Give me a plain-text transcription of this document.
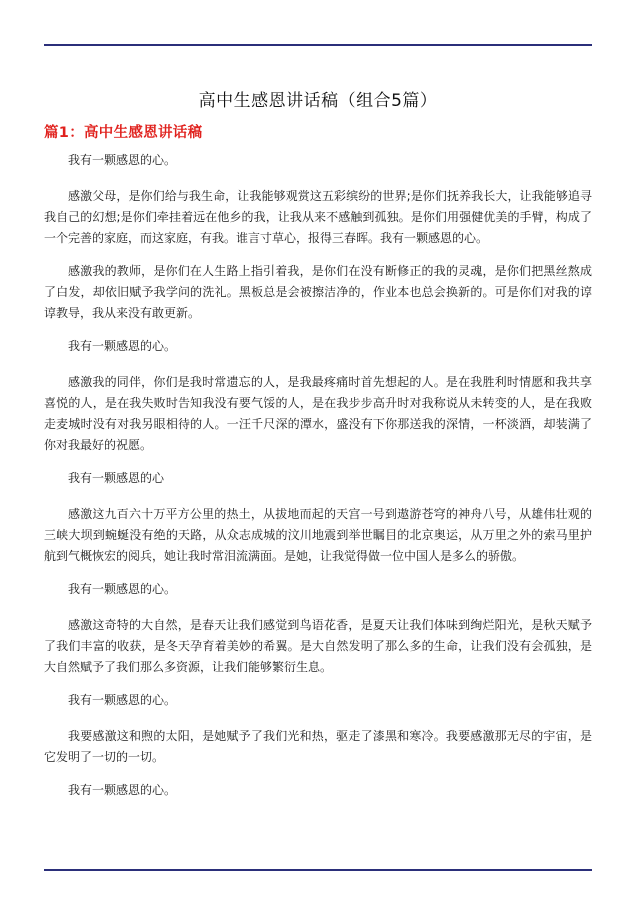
高中生感恩讲话稿（组合5篇）
篇1：高中生感恩讲话稿

我有一颗感恩的心。

感激父母，是你们给与我生命，让我能够观赏这五彩缤纷的世界;是你们抚养我长大，让我能够追寻我自己的幻想;是你们牵挂着远在他乡的我，让我从来不感触到孤独。是你们用强健优美的手臂，构成了一个完善的家庭，而这家庭，有我。谁言寸草心，报得三春晖。我有一颗感恩的心。

感激我的教师，是你们在人生路上指引着我，是你们在没有断修正的我的灵魂，是你们把黑丝熬成了白发，却依旧赋予我学问的洗礼。黑板总是会被擦洁净的，作业本也总会换新的。可是你们对我的谆谆教导，我从来没有敢更新。

我有一颗感恩的心。

感激我的同伴，你们是我时常遗忘的人，是我最疼痛时首先想起的人。是在我胜利时情愿和我共享喜悦的人，是在我失败时告知我没有要气馁的人，是在我步步高升时对我称说从未转变的人，是在我败走麦城时没有对我另眼相待的人。一汪千尺深的潭水，盛没有下你那送我的深情，一杯淡酒，却装满了你对我最好的祝愿。

我有一颗感恩的心

感激这九百六十万平方公里的热土，从拔地而起的天宫一号到遨游苍穹的神舟八号，从雄伟壮观的三峡大坝到蜿蜒没有绝的天路，从众志成城的汶川地震到举世瞩目的北京奥运，从万里之外的索马里护航到气概恢宏的阅兵，她让我时常泪流满面。是她，让我觉得做一位中国人是多么的骄傲。

我有一颗感恩的心。

感激这奇特的大自然，是春天让我们感觉到鸟语花香，是夏天让我们体味到绚烂阳光，是秋天赋予了我们丰富的收获，是冬天孕育着美妙的希翼。是大自然发明了那么多的生命，让我们没有会孤独，是大自然赋予了我们那么多资源，让我们能够繁衍生息。

我有一颗感恩的心。

我要感激这和煦的太阳，是她赋予了我们光和热，驱走了漆黑和寒冷。我要感激那无尽的宇宙，是它发明了一切的一切。

我有一颗感恩的心。
